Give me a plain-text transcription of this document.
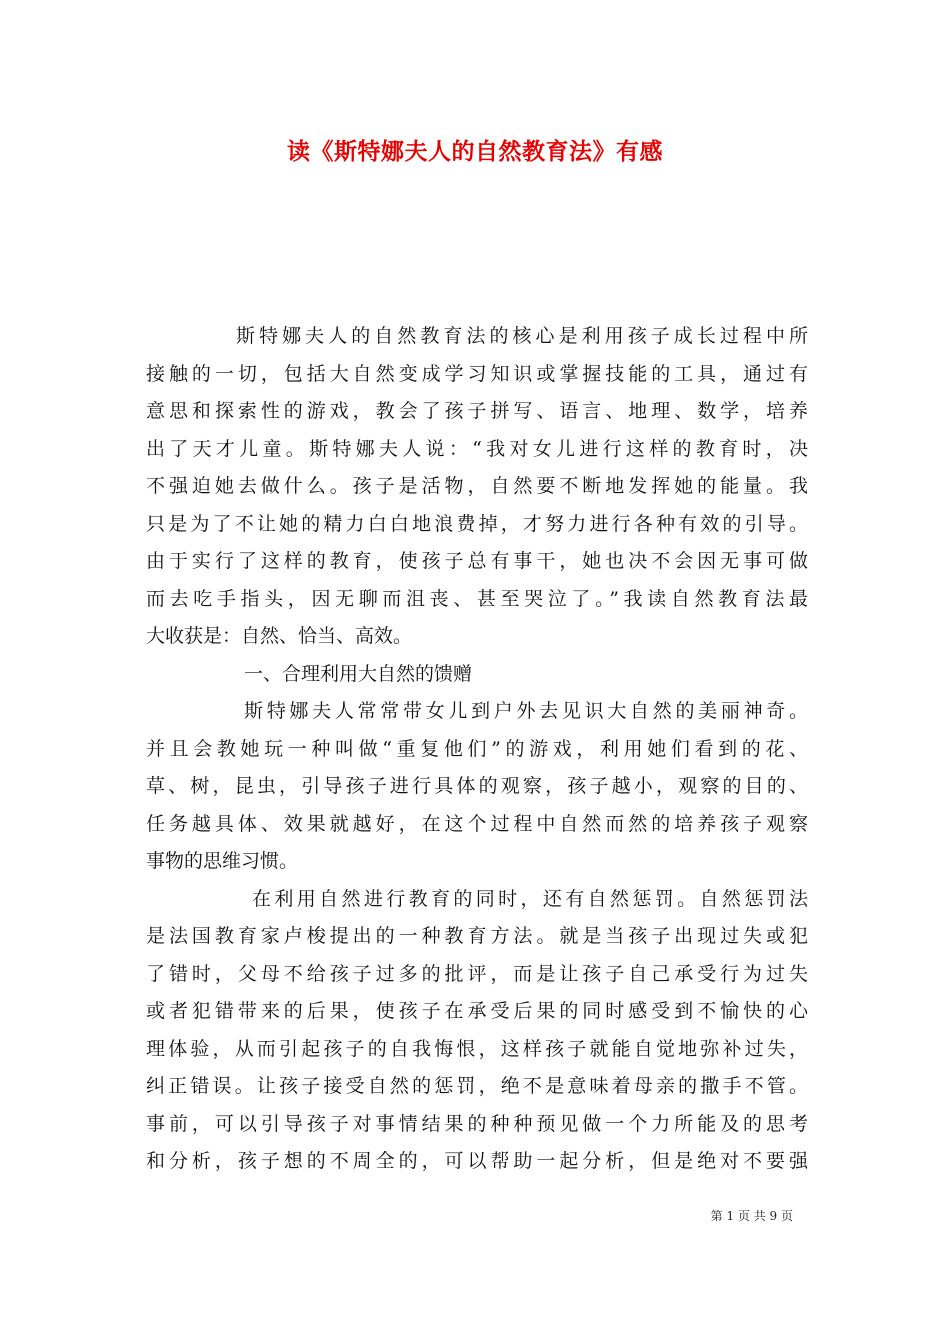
读《斯特娜夫人的自然教育法》有感
斯特娜夫人的自然教育法的核心是利用孩子成长过程中所
接触的一切，包括大自然变成学习知识或掌握技能的工具，通过有
意思和探索性的游戏，教会了孩子拼写、语言、地理、数学，培养
出了天才儿童。斯特娜夫人说：“我对女儿进行这样的教育时，决
不强迫她去做什么。孩子是活物，自然要不断地发挥她的能量。我
只是为了不让她的精力白白地浪费掉，才努力进行各种有效的引导。
由于实行了这样的教育，使孩子总有事干，她也决不会因无事可做
而去吃手指头，因无聊而沮丧、甚至哭泣了。”我读自然教育法最
大收获是：自然、恰当、高效。
一、合理利用大自然的馈赠
斯特娜夫人常常带女儿到户外去见识大自然的美丽神奇。
并且会教她玩一种叫做“重复他们”的游戏，利用她们看到的花、
草、树，昆虫，引导孩子进行具体的观察，孩子越小，观察的目的、
任务越具体、效果就越好，在这个过程中自然而然的培养孩子观察
事物的思维习惯。
在利用自然进行教育的同时，还有自然惩罚。自然惩罚法
是法国教育家卢梭提出的一种教育方法。就是当孩子出现过失或犯
了错时，父母不给孩子过多的批评，而是让孩子自己承受行为过失
或者犯错带来的后果，使孩子在承受后果的同时感受到不愉快的心
理体验，从而引起孩子的自我悔恨，这样孩子就能自觉地弥补过失，
纠正错误。让孩子接受自然的惩罚，绝不是意味着母亲的撒手不管。
事前，可以引导孩子对事情结果的种种预见做一个力所能及的思考
和分析，孩子想的不周全的，可以帮助一起分析，但是绝对不要强
第 1 页 共 9 页
